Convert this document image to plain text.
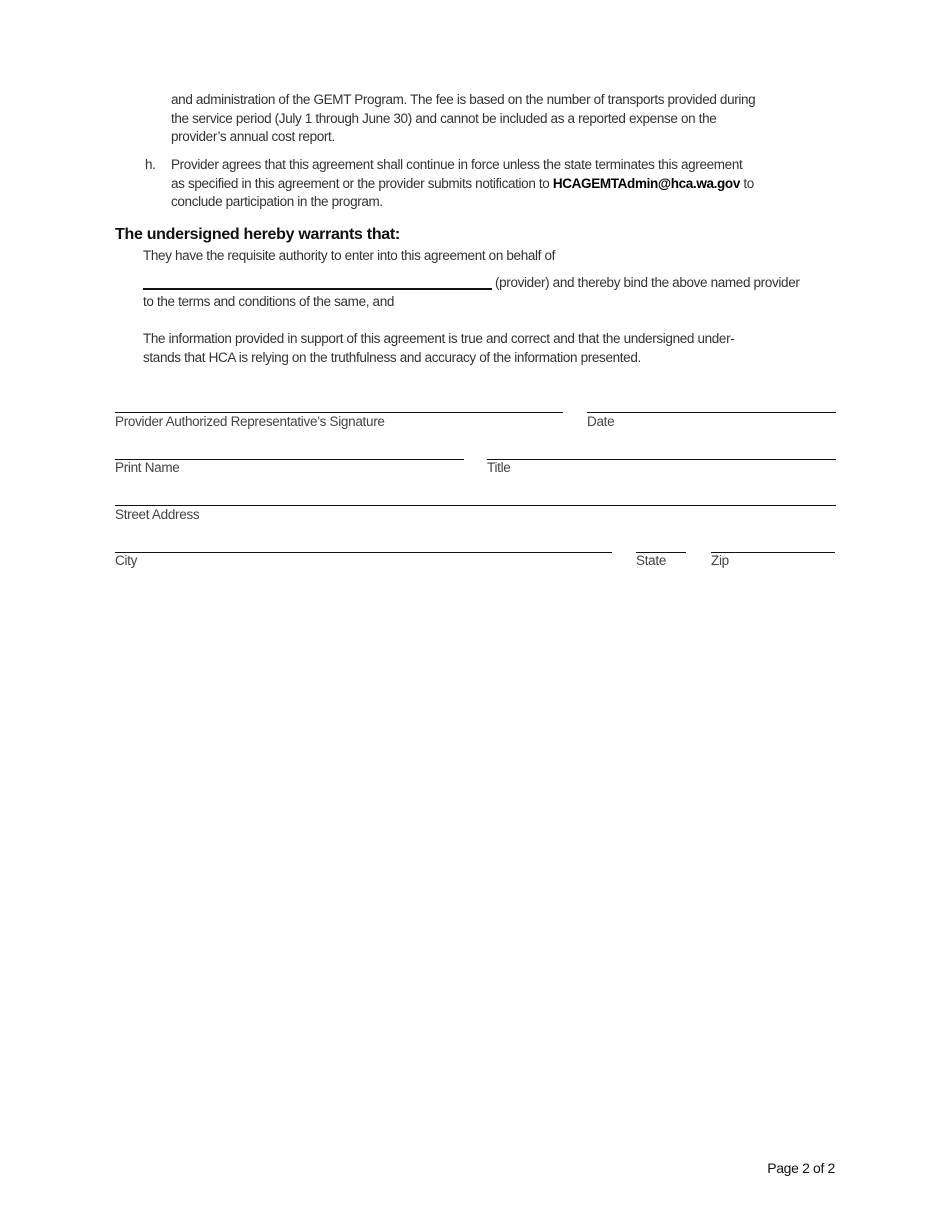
and administration of the GEMT Program. The fee is based on the number of transports provided during
the service period (July 1 through June 30) and cannot be included as a reported expense on the
provider’s annual cost report.
h. Provider agrees that this agreement shall continue in force unless the state terminates this agreement
as specified in this agreement or the provider submits notification to HCAGEMTAdmin@hca.wa.gov to
conclude participation in the program.
The undersigned hereby warrants that:
They have the requisite authority to enter into this agreement on behalf of
(provider) and thereby bind the above named provider
to the terms and conditions of the same, and
The information provided in support of this agreement is true and correct and that the undersigned under-
stands that HCA is relying on the truthfulness and accuracy of the information presented.
Provider Authorized Representative’s Signature	Date
Print Name	Title
Street Address
City	State	Zip
Page 2 of 2
